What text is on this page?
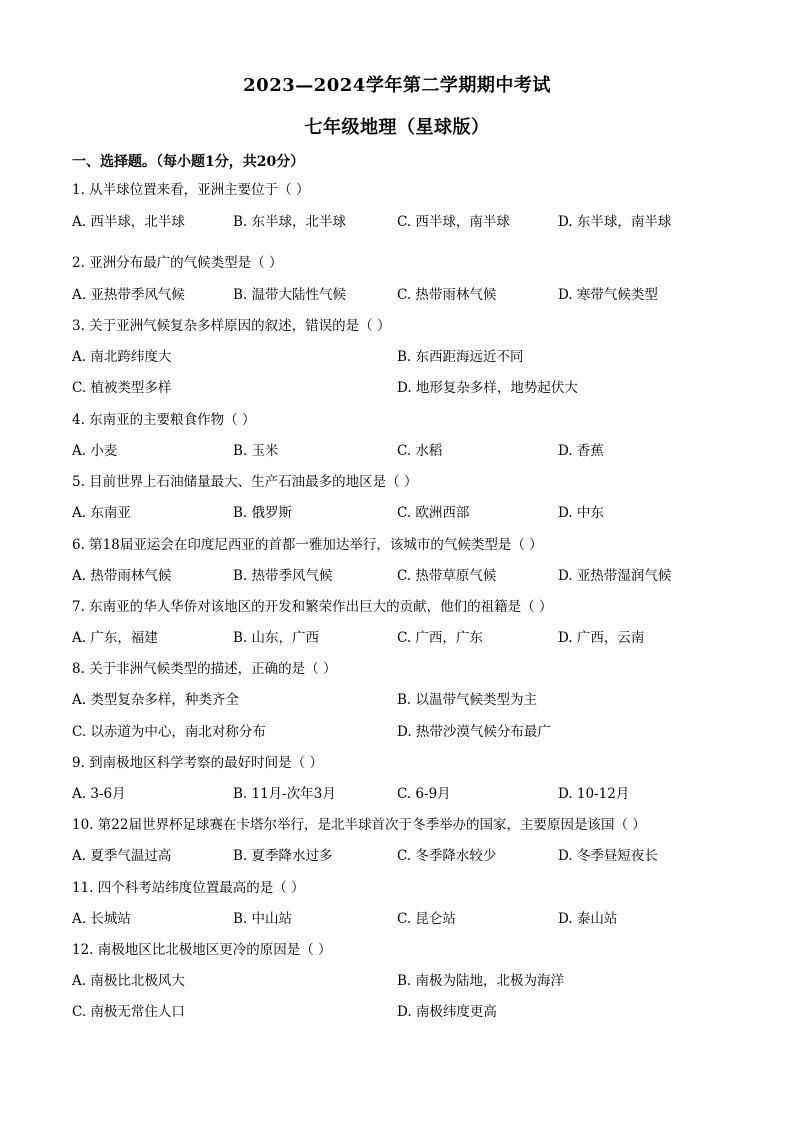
2023—2024学年第二学期期中考试
七年级地理（星球版）
一、选择题。（每小题1分，共20分）
1. 从半球位置来看，亚洲主要位于（ ）
A. 西半球，北半球	B. 东半球，北半球	C. 西半球，南半球	D. 东半球，南半球
2. 亚洲分布最广的气候类型是（ ）
A. 亚热带季风气候	B. 温带大陆性气候	C. 热带雨林气候	D. 寒带气候类型
3. 关于亚洲气候复杂多样原因的叙述，错误的是（ ）
A. 南北跨纬度大	B. 东西距海远近不同
C. 植被类型多样	D. 地形复杂多样，地势起伏大
4. 东南亚的主要粮食作物（ ）
A. 小麦	B. 玉米	C. 水稻	D. 香蕉
5. 目前世界上石油储量最大、生产石油最多的地区是（ ）
A. 东南亚	B. 俄罗斯	C. 欧洲西部	D. 中东
6. 第18届亚运会在印度尼西亚的首都一雅加达举行，该城市的气候类型是（ ）
A. 热带雨林气候	B. 热带季风气候	C. 热带草原气候	D. 亚热带湿润气候
7. 东南亚的华人华侨对该地区的开发和繁荣作出巨大的贡献，他们的祖籍是（ ）
A. 广东，福建	B. 山东，广西	C. 广西，广东	D. 广西，云南
8. 关于非洲气候类型的描述，正确的是（ ）
A. 类型复杂多样，种类齐全	B. 以温带气候类型为主
C. 以赤道为中心，南北对称分布	D. 热带沙漠气候分布最广
9. 到南极地区科学考察的最好时间是（ ）
A. 3-6月	B. 11月-次年3月	C. 6-9月	D. 10-12月
10. 第22届世界杯足球赛在卡塔尔举行，是北半球首次于冬季举办的国家，主要原因是该国（ ）
A. 夏季气温过高	B. 夏季降水过多	C. 冬季降水较少	D. 冬季昼短夜长
11. 四个科考站纬度位置最高的是（ ）
A. 长城站	B. 中山站	C. 昆仑站	D. 泰山站
12. 南极地区比北极地区更冷的原因是（ ）
A. 南极比北极风大	B. 南极为陆地，北极为海洋
C. 南极无常住人口	D. 南极纬度更高
